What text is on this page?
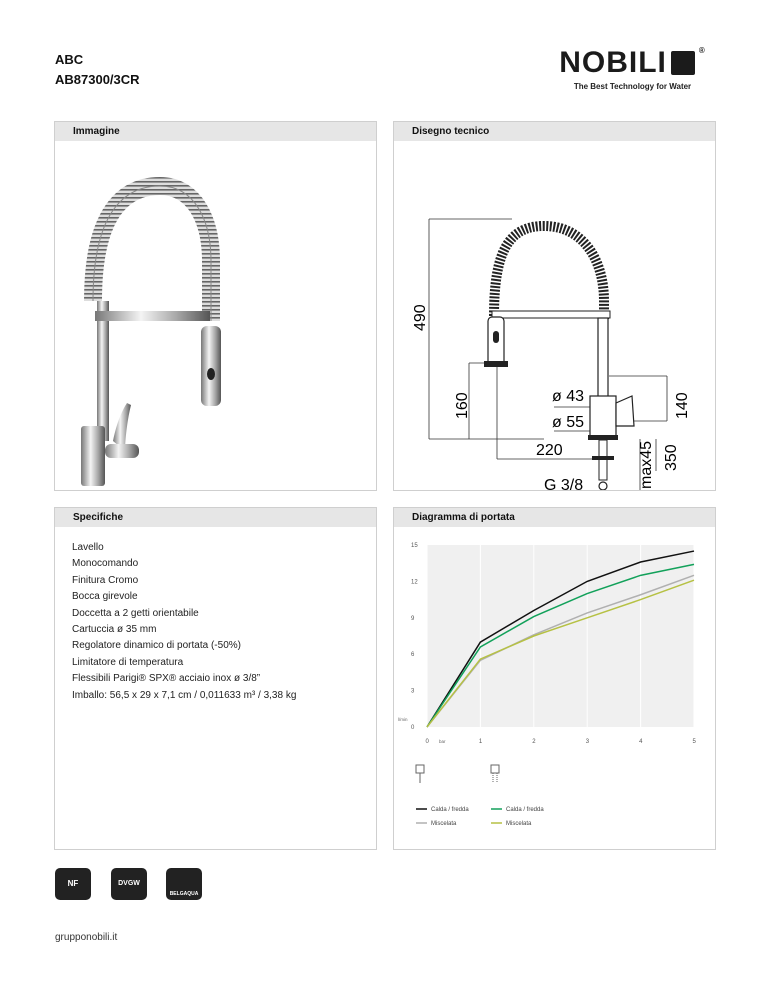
ABC
AB87300/3CR
NOBILI	®
The Best Technology for Water
Immagine	Disegno tecnico
490
160	ø 43
ø 55
220
140
350
max45
G 3/8
Specifiche
Lavello
Monocomando
Finitura Cromo
Bocca girevole
Doccetta a 2 getti orientabile
Cartuccia ø 35 mm
Regolatore dinamico di portata (-50%)
Limitatore di temperatura
Flessibili Parigi® SPX® acciaio inox ø 3/8”
Imballo: 56,5 x 29 x 7,1 cm / 0,011633 m³ / 3,38 kg
Diagramma di portata
0	1	2	3	4	5
0
3
6
9
12
15
l/min
bar
Calda / fredda
Miscelata
Calda / fredda
Miscelata
NF	DVGW
BELGAQUA
grupponobili.it
